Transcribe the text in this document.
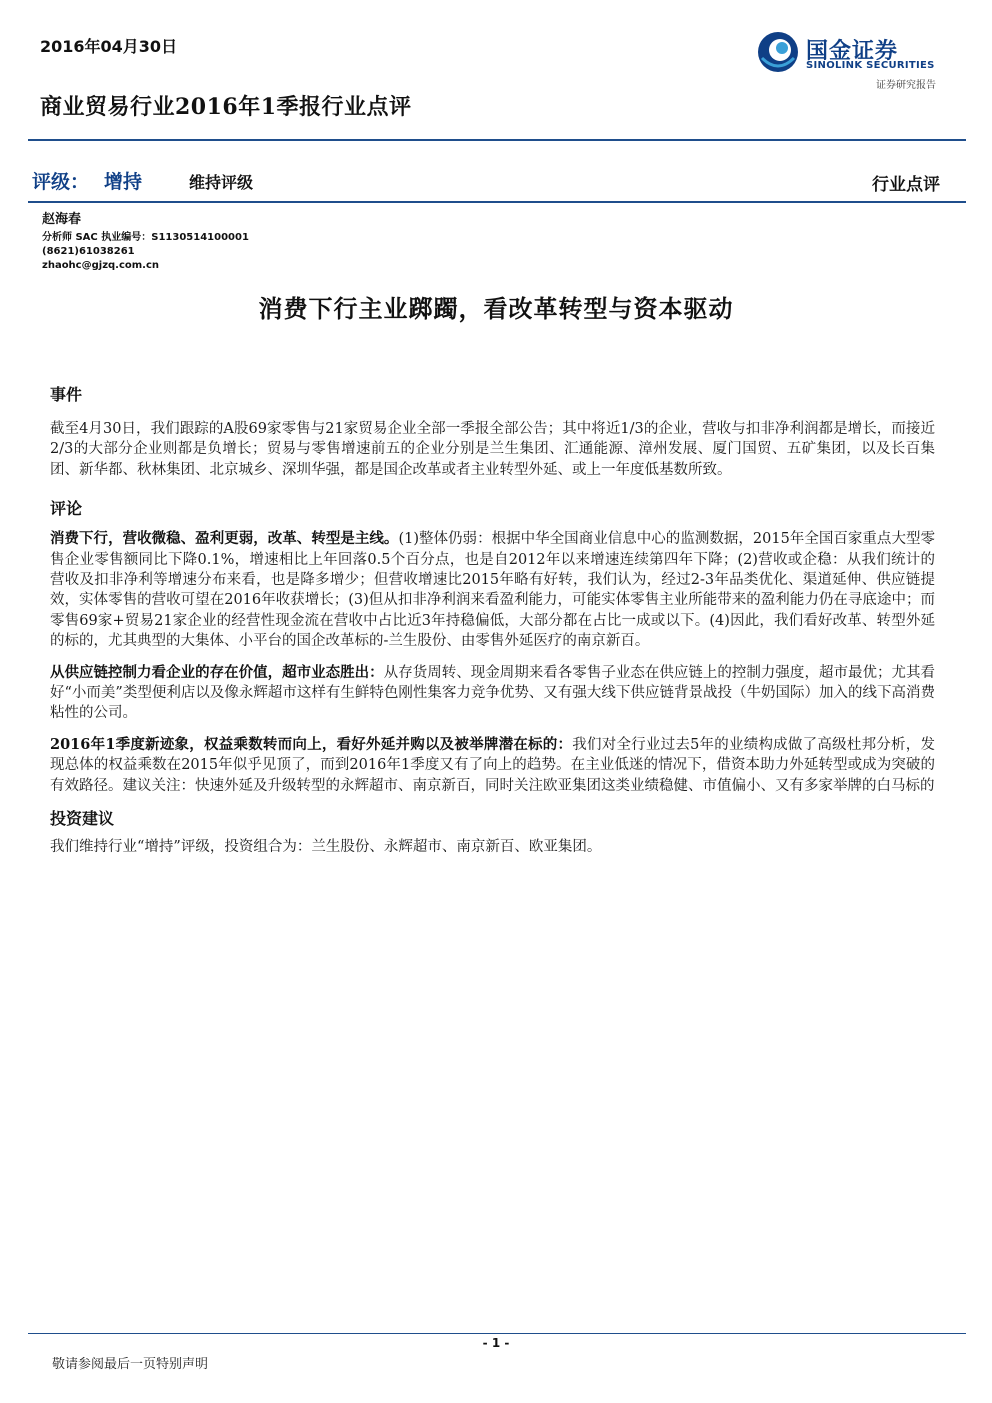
2016年04月30日	国金证券
SINOLINK SECURITIES
证券研究报告
商业贸易行业2016年1季报行业点评
评级： 增持	维持评级	行业点评
赵海春
分析师 SAC 执业编号：S1130514100001
(8621)61038261
zhaohc@gjzq.com.cn
消费下行主业踯躅，看改革转型与资本驱动
事件

截至4月30日，我们跟踪的A股69家零售与21家贸易企业全部一季报全部公告；其中将近1/3的企业，营收与扣非净利润都是增长，而接近2/3的大部分企业则都是负增长；贸易与零售增速前五的企业分别是兰生集团、汇通能源、漳州发展、厦门国贸、五矿集团，以及长百集团、新华都、秋林集团、北京城乡、深圳华强，都是国企改革或者主业转型外延、或上一年度低基数所致。

评论

消费下行，营收微稳、盈利更弱，改革、转型是主线。(1)整体仍弱：根据中华全国商业信息中心的监测数据，2015年全国百家重点大型零售企业零售额同比下降0.1%，增速相比上年回落0.5个百分点，也是自2012年以来增速连续第四年下降；(2)营收或企稳：从我们统计的营收及扣非净利等增速分布来看，也是降多增少；但营收增速比2015年略有好转，我们认为，经过2-3年品类优化、渠道延伸、供应链提效，实体零售的营收可望在2016年收获增长；(3)但从扣非净利润来看盈利能力，可能实体零售主业所能带来的盈利能力仍在寻底途中；而零售69家+贸易21家企业的经营性现金流在营收中占比近3年持稳偏低，大部分都在占比一成或以下。(4)因此，我们看好改革、转型外延的标的，尤其典型的大集体、小平台的国企改革标的-兰生股份、由零售外延医疗的南京新百。

从供应链控制力看企业的存在价值，超市业态胜出：从存货周转、现金周期来看各零售子业态在供应链上的控制力强度，超市最优；尤其看好“小而美”类型便利店以及像永辉超市这样有生鲜特色刚性集客力竞争优势、又有强大线下供应链背景战投（牛奶国际）加入的线下高消费粘性的公司。

2016年1季度新迹象，权益乘数转而向上，看好外延并购以及被举牌潜在标的：我们对全行业过去5年的业绩构成做了高级杜邦分析，发现总体的权益乘数在2015年似乎见顶了，而到2016年1季度又有了向上的趋势。在主业低迷的情况下，借资本助力外延转型或成为突破的有效路径。建议关注：快速外延及升级转型的永辉超市、南京新百，同时关注欧亚集团这类业绩稳健、市值偏小、又有多家举牌的白马标的

投资建议

我们维持行业“增持”评级，投资组合为：兰生股份、永辉超市、南京新百、欧亚集团。

- 1 -
敬请参阅最后一页特别声明
